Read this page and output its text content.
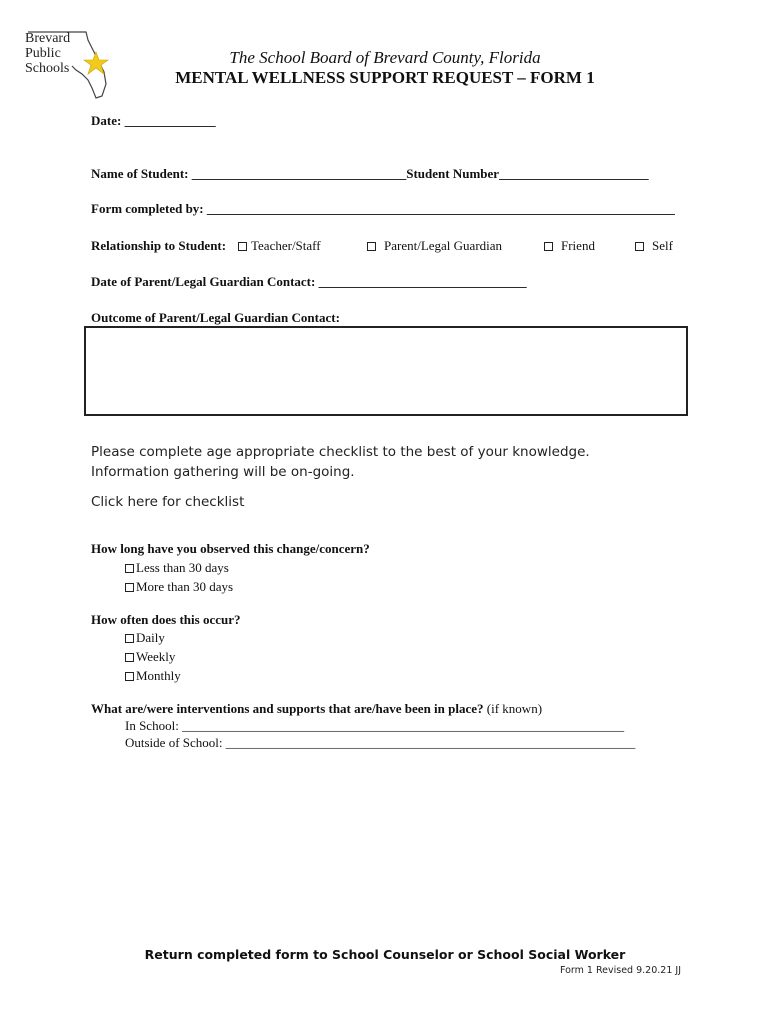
Brevard
Public
Schools
The School Board of Brevard County, Florida
MENTAL WELLNESS SUPPORT REQUEST – FORM 1
Date: ______________
Name of Student: _________________________________Student Number_______________________
Form completed by: ________________________________________________________________________
Relationship to Student:	Teacher/Staff	Parent/Legal Guardian	Friend	Self
Date of Parent/Legal Guardian Contact: ________________________________
Outcome of Parent/Legal Guardian Contact:
Please complete age appropriate checklist to the best of your knowledge.
Information gathering will be on-going.
Click here for checklist
How long have you observed this change/concern?
Less than 30 days
More than 30 days
How often does this occur?
Daily
Weekly
Monthly
What are/were interventions and supports that are/have been in place? (if known)
In School: ____________________________________________________________________
Outside of School: _______________________________________________________________
Return completed form to School Counselor or School Social Worker
Form 1 Revised 9.20.21 JJ
